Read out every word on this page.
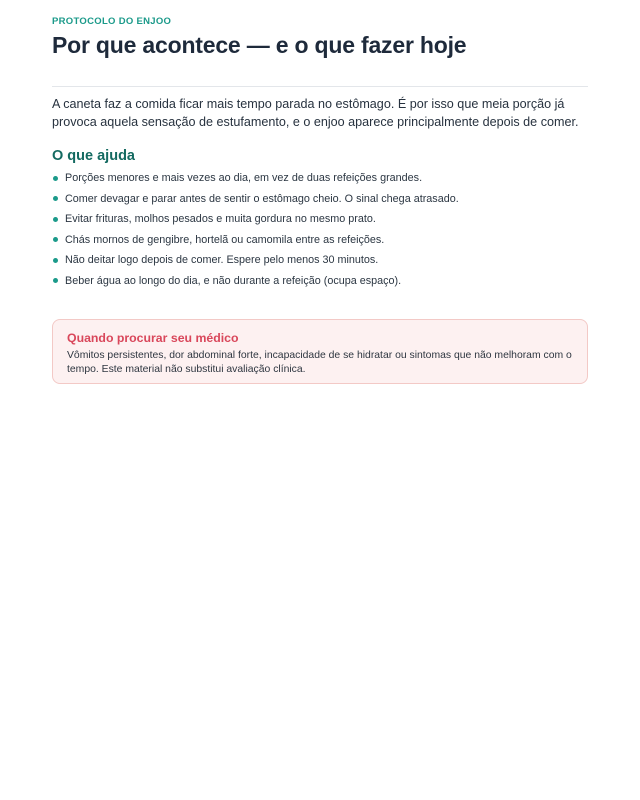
PROTOCOLO DO ENJOO
Por que acontece — e o que fazer hoje

A caneta faz a comida ficar mais tempo parada no estômago. É por isso que meia porção já provoca aquela sensação de estufamento, e o enjoo aparece principalmente depois de comer.

O que ajuda
Porções menores e mais vezes ao dia, em vez de duas refeições grandes.
Comer devagar e parar antes de sentir o estômago cheio. O sinal chega atrasado.
Evitar frituras, molhos pesados e muita gordura no mesmo prato.
Chás mornos de gengibre, hortelã ou camomila entre as refeições.
Não deitar logo depois de comer. Espere pelo menos 30 minutos.
Beber água ao longo do dia, e não durante a refeição (ocupa espaço).

Quando procurar seu médico

Vômitos persistentes, dor abdominal forte, incapacidade de se hidratar ou sintomas que não melhoram com o tempo. Este material não substitui avaliação clínica.
